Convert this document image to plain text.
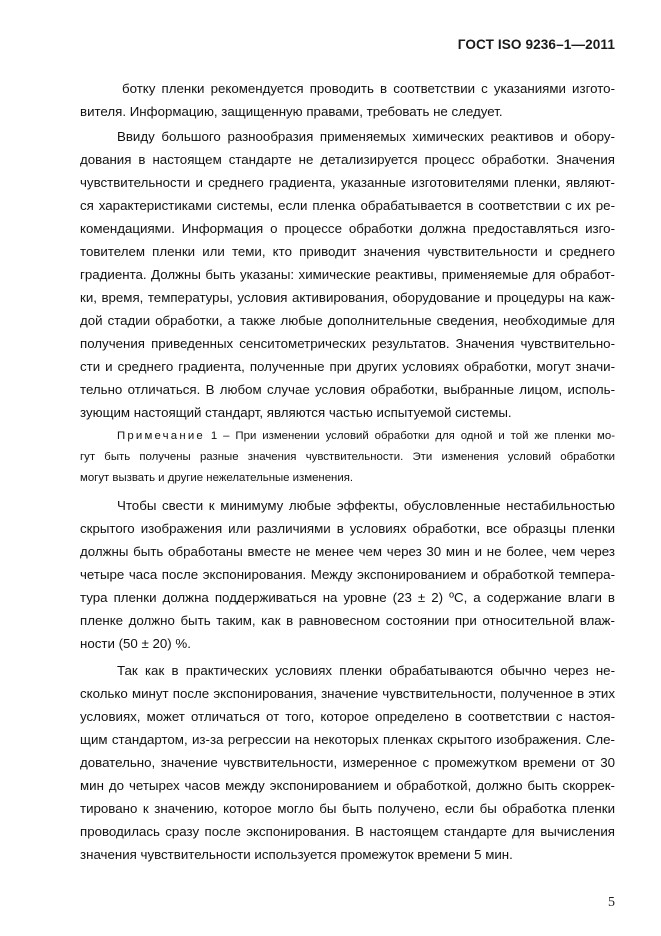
ГОСТ ISO 9236–1—2011
ботку пленки рекомендуется проводить в соответствии с указаниями изгото-
вителя. Информацию, защищенную правами, требовать не следует.
Ввиду большого разнообразия применяемых химических реактивов и обору-
дования в настоящем стандарте не детализируется процесс обработки. Значения
чувствительности и среднего градиента, указанные изготовителями пленки, являют-
ся характеристиками системы, если пленка обрабатывается в соответствии с их ре-
комендациями. Информация о процессе обработки должна предоставляться изго-
товителем пленки или теми, кто приводит значения чувствительности и среднего
градиента. Должны быть указаны: химические реактивы, применяемые для обработ-
ки, время, температуры, условия активирования, оборудование и процедуры на каж-
дой стадии обработки, а также любые дополнительные сведения, необходимые для
получения приведенных сенситометрических результатов. Значения чувствительно-
сти и среднего градиента, полученные при других условиях обработки, могут значи-
тельно отличаться. В любом случае условия обработки, выбранные лицом, исполь-
зующим настоящий стандарт, являются частью испытуемой системы.
Примечание 1 – При изменении условий обработки для одной и той же пленки мо-
гут быть получены разные значения чувствительности. Эти изменения условий обработки
могут вызвать и другие нежелательные изменения.
Чтобы свести к минимуму любые эффекты, обусловленные нестабильностью
скрытого изображения или различиями в условиях обработки, все образцы пленки
должны быть обработаны вместе не менее чем через 30 мин и не более, чем через
четыре часа после экспонирования. Между экспонированием и обработкой темпера-
тура пленки должна поддерживаться на уровне (23 ± 2) ºC, а содержание влаги в
пленке должно быть таким, как в равновесном состоянии при относительной влаж-
ности (50 ± 20) %.
Так как в практических условиях пленки обрабатываются обычно через не-
сколько минут после экспонирования, значение чувствительности, полученное в этих
условиях, может отличаться от того, которое определено в соответствии с настоя-
щим стандартом, из-за регрессии на некоторых пленках скрытого изображения. Сле-
довательно, значение чувствительности, измеренное с промежутком времени от 30
мин до четырех часов между экспонированием и обработкой, должно быть скоррек-
тировано к значению, которое могло бы быть получено, если бы обработка пленки
проводилась сразу после экспонирования. В настоящем стандарте для вычисления
значения чувствительности используется промежуток времени 5 мин.
5
